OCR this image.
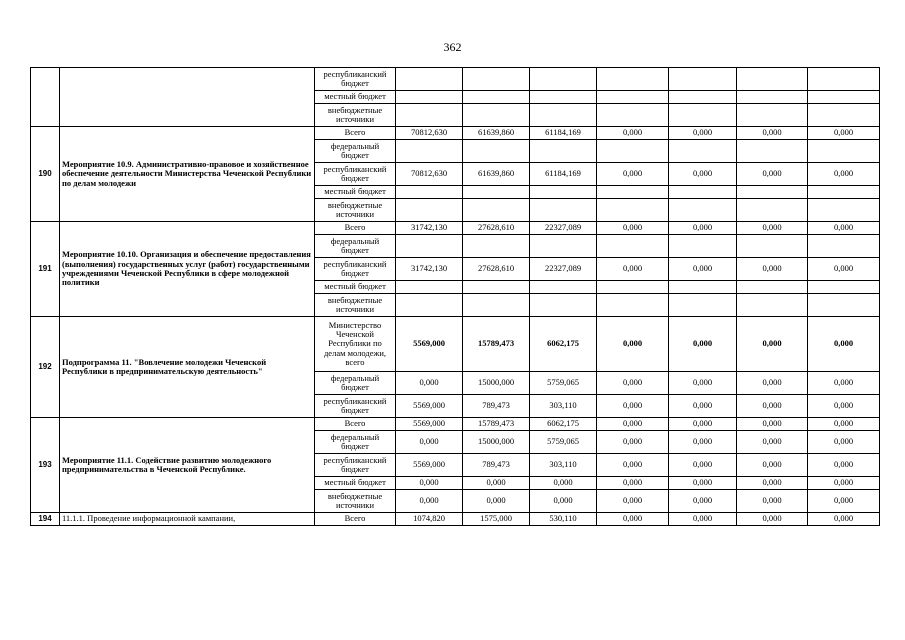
362
		республиканский бюджет							
		местный бюджет							
		внебюджетные источники							
190	Мероприятие 10.9. Административно-правовое и хозяйственное обеспечение деятельности Министерства Чеченской Республики по делам молодежи	Всего	70812,630	61639,860	61184,169	0,000	0,000	0,000	0,000
		федеральный бюджет							
		республиканский бюджет	70812,630	61639,860	61184,169	0,000	0,000	0,000	0,000
		местный бюджет							
		внебюджетные источники							
191	Мероприятие 10.10. Организация и обеспечение предоставления (выполнения) государственных услуг (работ) государственными учреждениями Чеченской Республики в сфере молодежной политики	Всего	31742,130	27628,610	22327,089	0,000	0,000	0,000	0,000
		федеральный бюджет							
		республиканский бюджет	31742,130	27628,610	22327,089	0,000	0,000	0,000	0,000
		местный бюджет							
		внебюджетные источники							
192	Подпрограмма 11. "Вовлечение молодежи Чеченской Республики в предпринимательскую деятельность"	Министерство Чеченской Республики по делам молодежи, всего	5569,000	15789,473	6062,175	0,000	0,000	0,000	0,000
		федеральный бюджет	0,000	15000,000	5759,065	0,000	0,000	0,000	0,000
		республиканский бюджет	5569,000	789,473	303,110	0,000	0,000	0,000	0,000
193	Мероприятие 11.1. Содействие развитию молодежного предпринимательства в Чеченской Республике.	Всего	5569,000	15789,473	6062,175	0,000	0,000	0,000	0,000
		федеральный бюджет	0,000	15000,000	5759,065	0,000	0,000	0,000	0,000
		республиканский бюджет	5569,000	789,473	303,110	0,000	0,000	0,000	0,000
		местный бюджет	0,000	0,000	0,000	0,000	0,000	0,000	0,000
		внебюджетные источники	0,000	0,000	0,000	0,000	0,000	0,000	0,000
194	11.1.1. Проведение информационной кампании,	Всего	1074,820	1575,000	530,110	0,000	0,000	0,000	0,000
